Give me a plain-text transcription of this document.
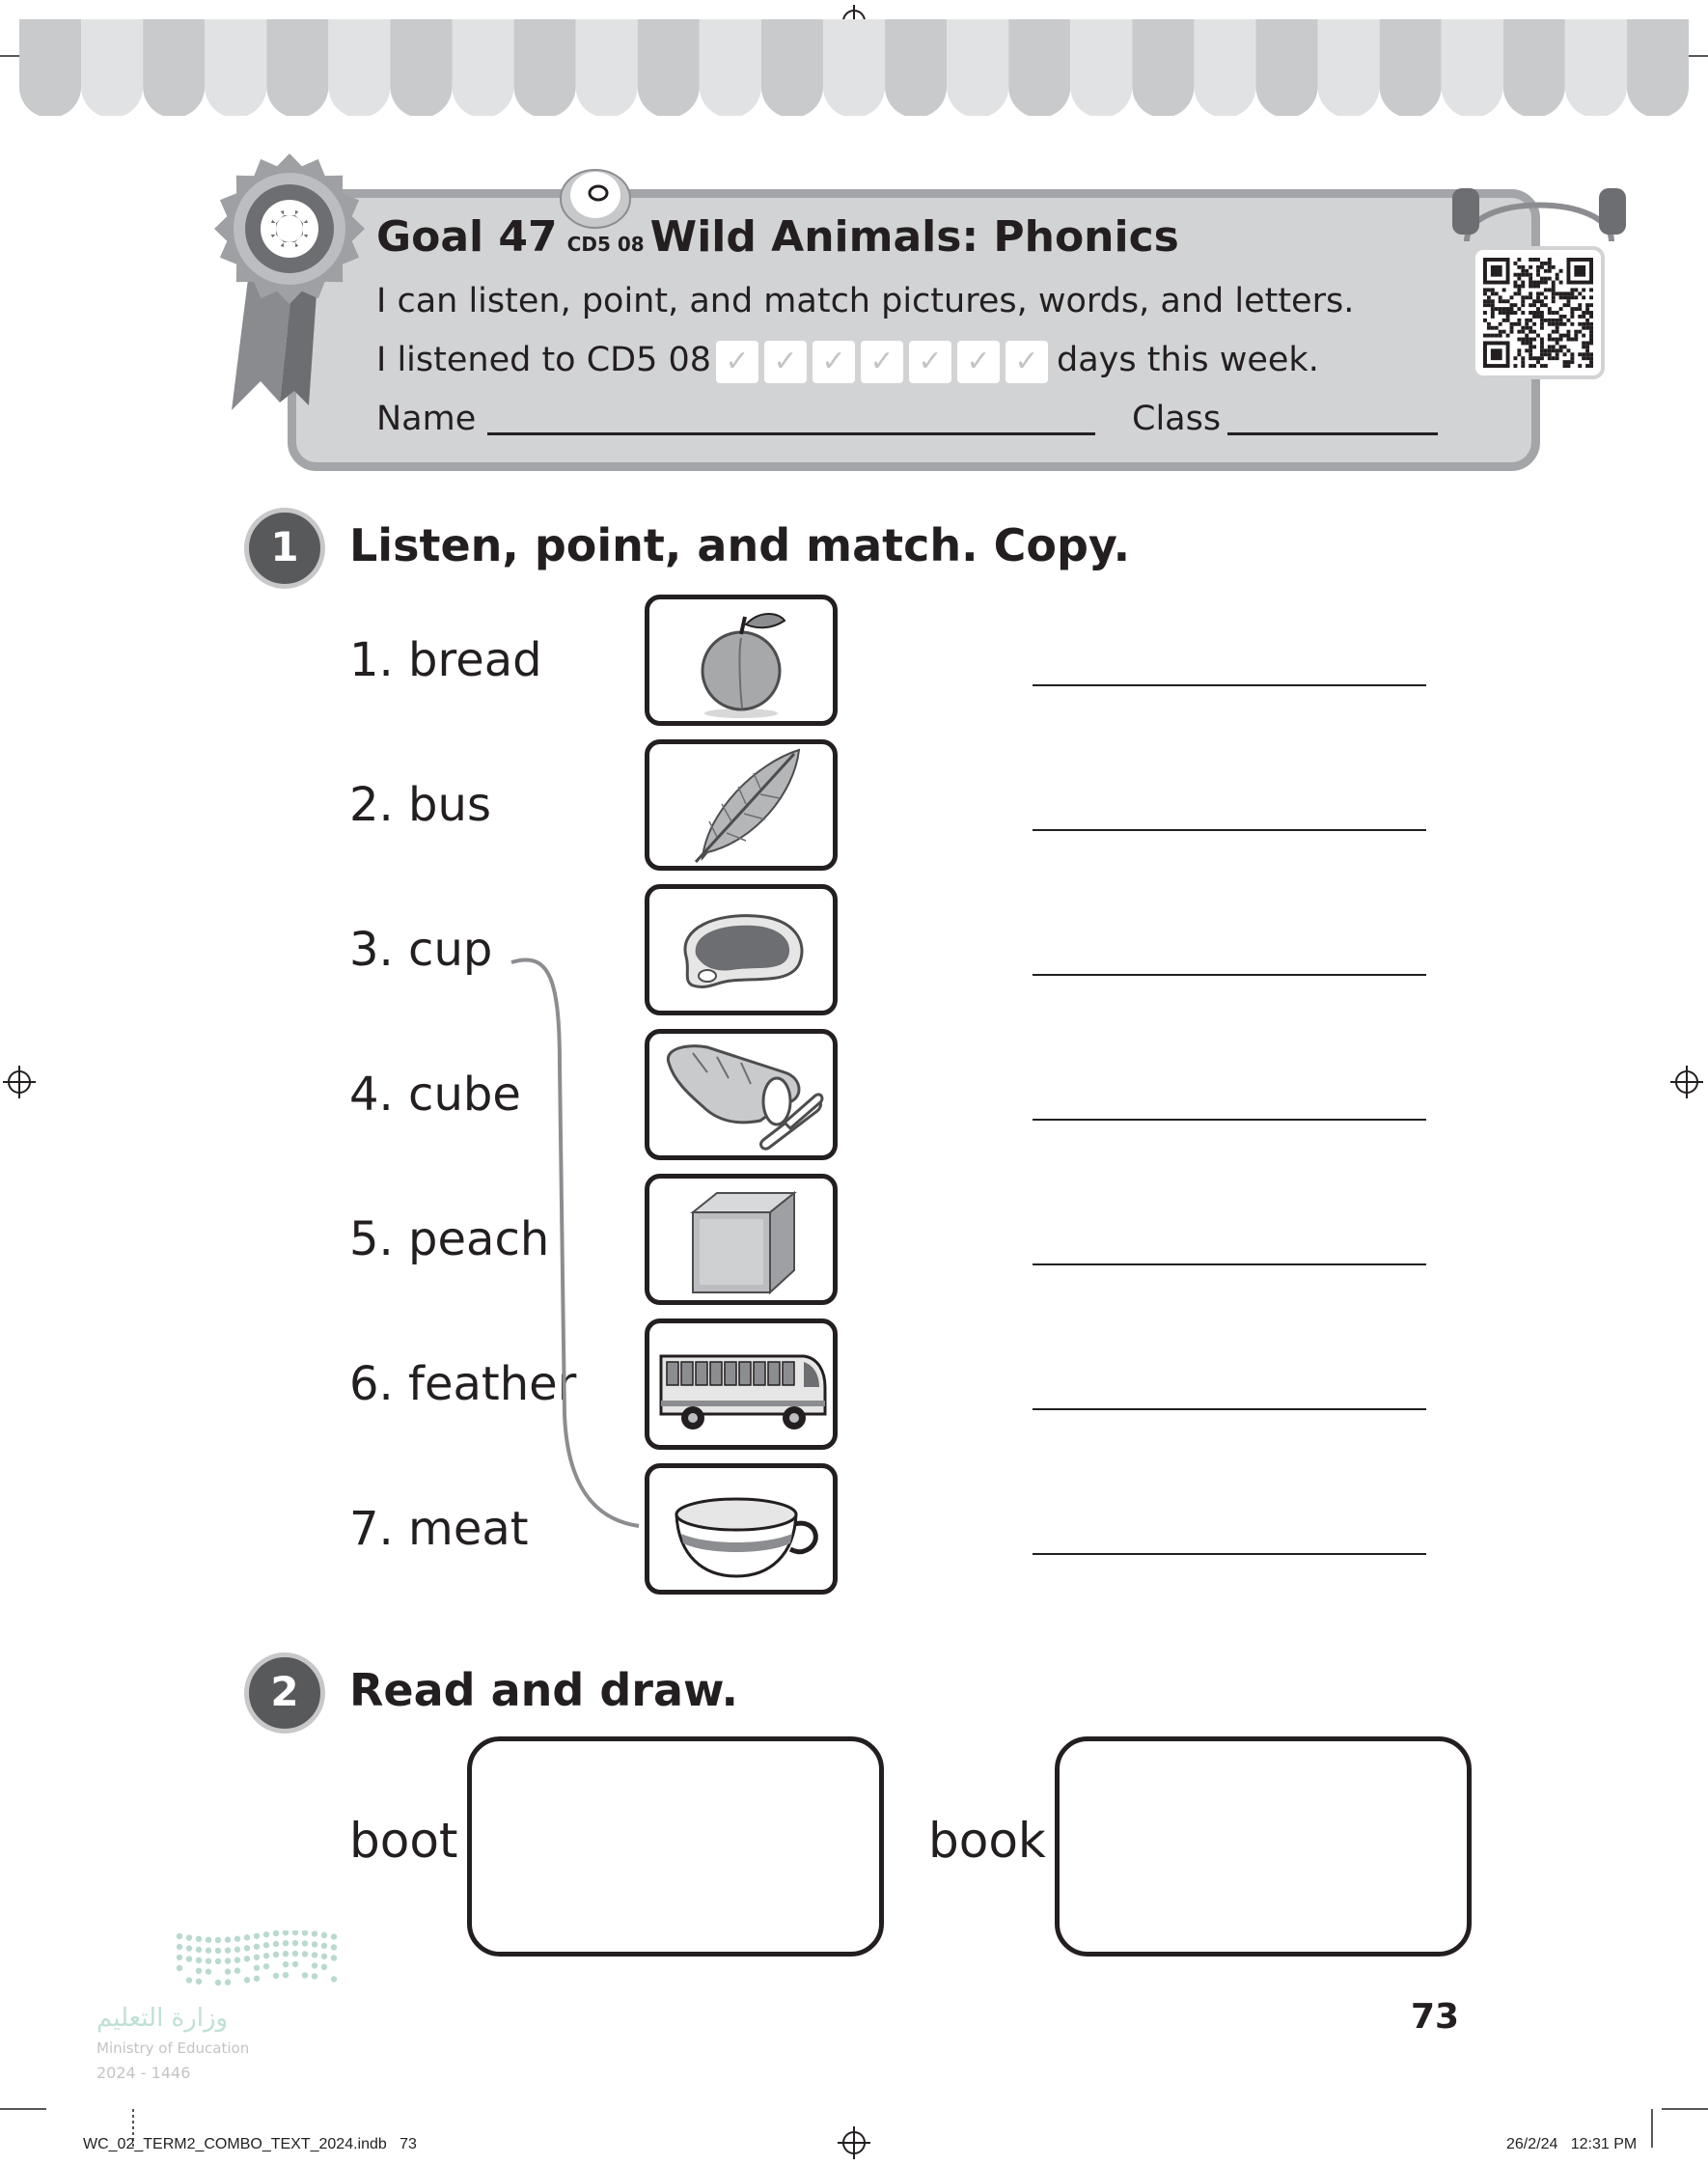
Goal 47 CD5 08 Wild Animals: Phonics
I can listen, point, and match pictures, words, and letters.
I listened to CD5 08 ✓ ✓ ✓ ✓ ✓ ✓ ✓ days this week.
Name	Class
1	Listen, point, and match. Copy.
1. bread
2. bus
3. cup
4. cube
5. peach
6. feather
7. meat
2	Read and draw.
boot	book
73
وزارة التعليم
Ministry of Education
2024 - 1446
WC_02_TERM2_COMBO_TEXT_2024.indb 73	26/2/24 12:31 PM
